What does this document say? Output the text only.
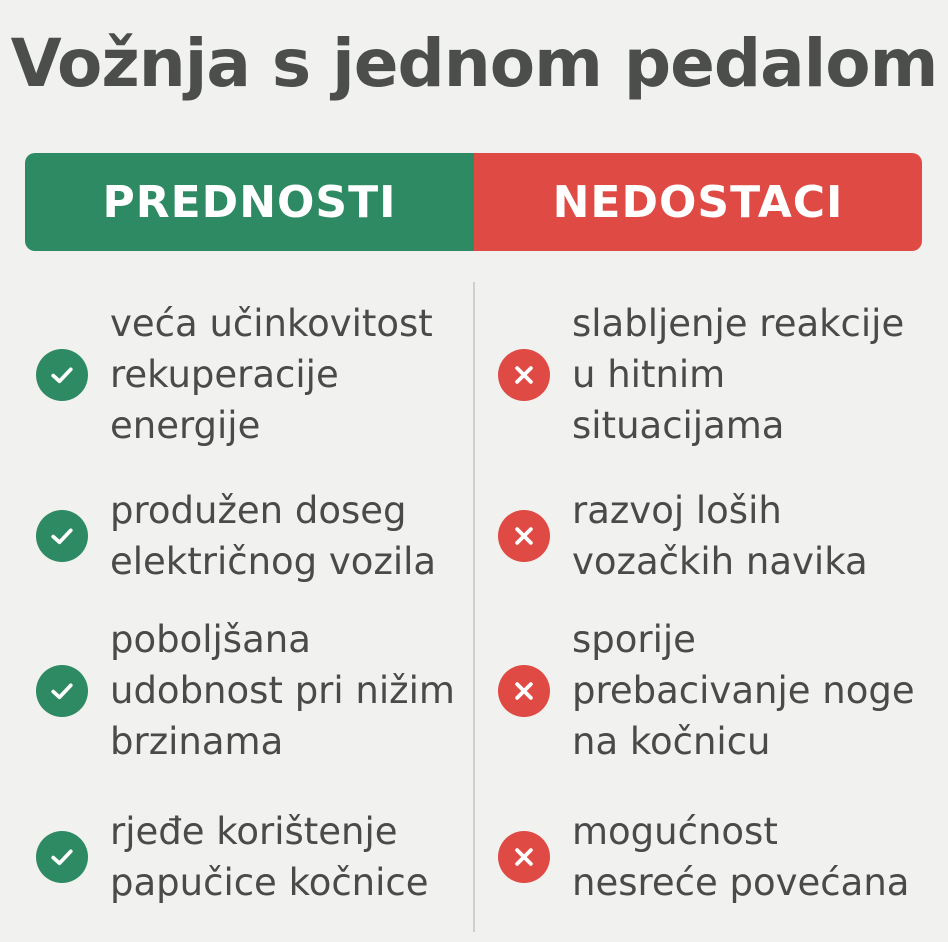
Vožnja s jednom pedalom
PREDNOSTI	NEDOSTACI
veća učinkovitost
rekuperacije
energije
produžen doseg
električnog vozila
poboljšana
udobnost pri nižim
brzinama
rjeđe korištenje
papučice kočnice
slabljenje reakcije
u hitnim
situacijama
razvoj loših
vozačkih navika
sporije
prebacivanje noge
na kočnicu
mogućnost
nesreće povećana
